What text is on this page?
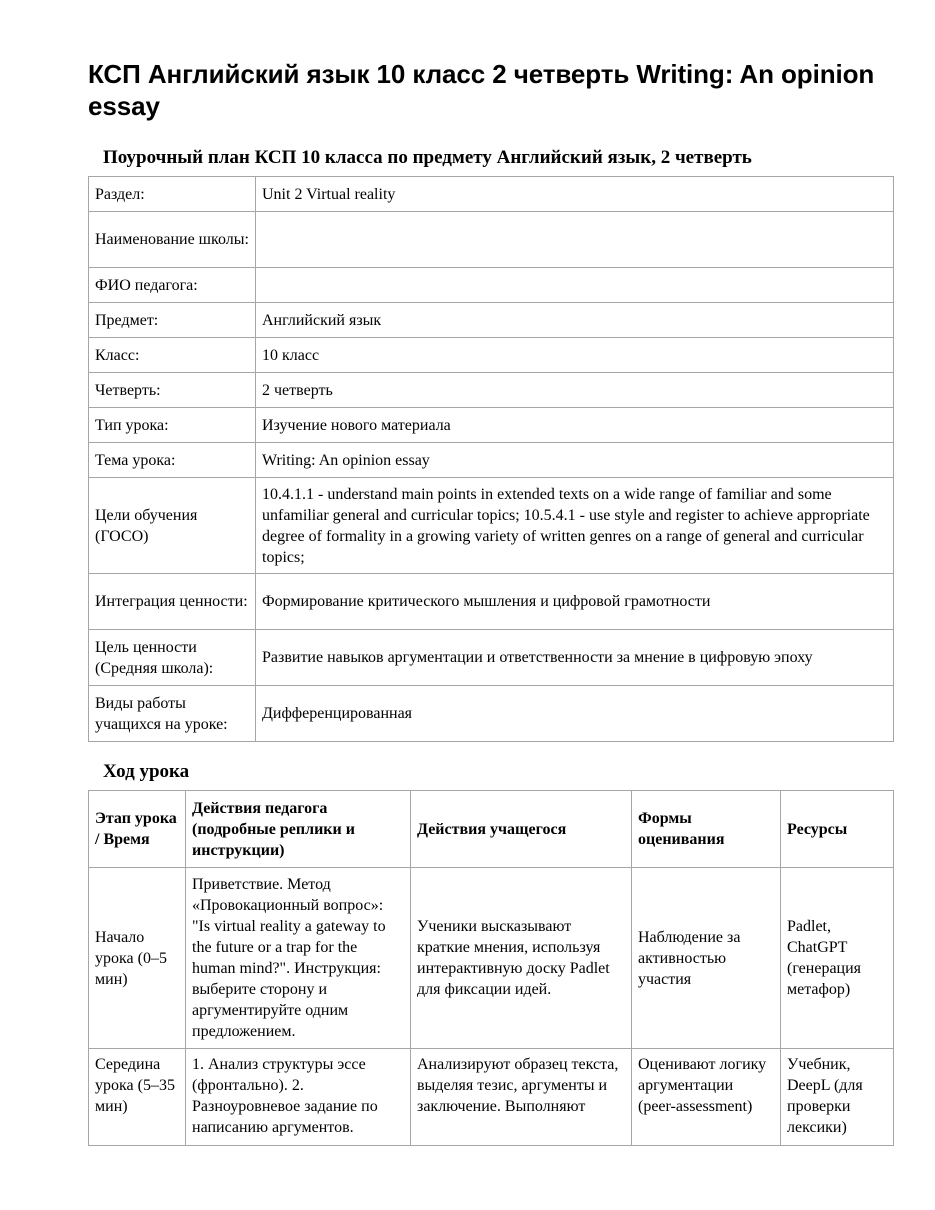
КСП Английский язык 10 класс 2 четверть Writing: An opinion essay
Поурочный план КСП 10 класса по предмету Английский язык, 2 четверть
Раздел:	Unit 2 Virtual reality
Наименование школы:	
ФИО педагога:	
Предмет:	Английский язык
Класс:	10 класс
Четверть:	2 четверть
Тип урока:	Изучение нового материала
Тема урока:	Writing: An opinion essay
Цели обучения (ГОСО)	10.4.1.1 - understand main points in extended texts on a wide range of familiar and some unfamiliar general and curricular topics; 10.5.4.1 - use style and register to achieve appropriate degree of formality in a growing variety of written genres on a range of general and curricular topics;
Интеграция ценности:	Формирование критического мышления и цифровой грамотности
Цель ценности (Средняя школа):	Развитие навыков аргументации и ответственности за мнение в цифровую эпоху
Виды работы учащихся на уроке:	Дифференцированная
Ход урока
Этап урока / Время	Действия педагога (подробные реплики и инструкции)	Действия учащегося	Формы оценивания	Ресурсы
Начало урока (0–5 мин)	Приветствие. Метод «Провокационный вопрос»: "Is virtual reality a gateway to the future or a trap for the human mind?". Инструкция: выберите сторону и аргументируйте одним предложением.	Ученики высказывают краткие мнения, используя интерактивную доску Padlet для фиксации идей.	Наблюдение за активностью участия	Padlet, ChatGPT (генерация метафор)
Середина урока (5–35 мин)	1. Анализ структуры эссе (фронтально). 2. Разноуровневое задание по написанию аргументов.	Анализируют образец текста, выделяя тезис, аргументы и заключение. Выполняют	Оценивают логику аргументации (peer-assessment)	Учебник, DeepL (для проверки лексики)
